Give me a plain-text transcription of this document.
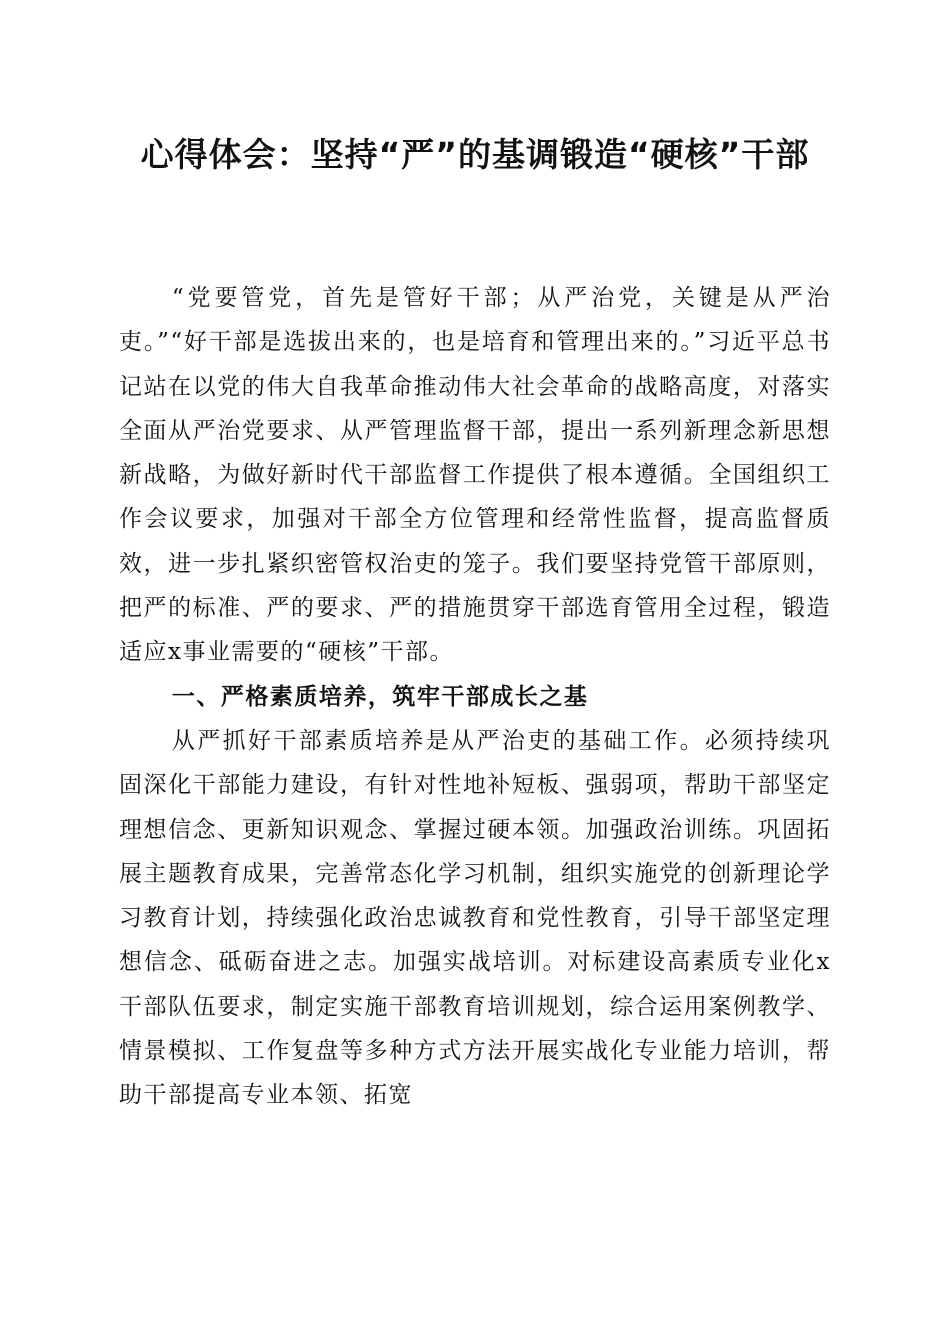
心得体会：坚持“严”的基调锻造“硬核”干部

“党要管党，首先是管好干部；从严治党，关键是从严治吏。”“好干部是选拔出来的，也是培育和管理出来的。”习近平总书记站在以党的伟大自我革命推动伟大社会革命的战略高度，对落实全面从严治党要求、从严管理监督干部，提出一系列新理念新思想新战略，为做好新时代干部监督工作提供了根本遵循。全国组织工作会议要求，加强对干部全方位管理和经常性监督，提高监督质效，进一步扎紧织密管权治吏的笼子。我们要坚持党管干部原则，把严的标准、严的要求、严的措施贯穿干部选育管用全过程，锻造适应x事业需要的“硬核”干部。

一、严格素质培养，筑牢干部成长之基

从严抓好干部素质培养是从严治吏的基础工作。必须持续巩固深化干部能力建设，有针对性地补短板、强弱项，帮助干部坚定理想信念、更新知识观念、掌握过硬本领。加强政治训练。巩固拓展主题教育成果，完善常态化学习机制，组织实施党的创新理论学习教育计划，持续强化政治忠诚教育和党性教育，引导干部坚定理想信念、砥砺奋进之志。加强实战培训。对标建设高素质专业化x干部队伍要求，制定实施干部教育培训规划，综合运用案例教学、情景模拟、工作复盘等多种方式方法开展实战化专业能力培训，帮助干部提高专业本领、拓宽
